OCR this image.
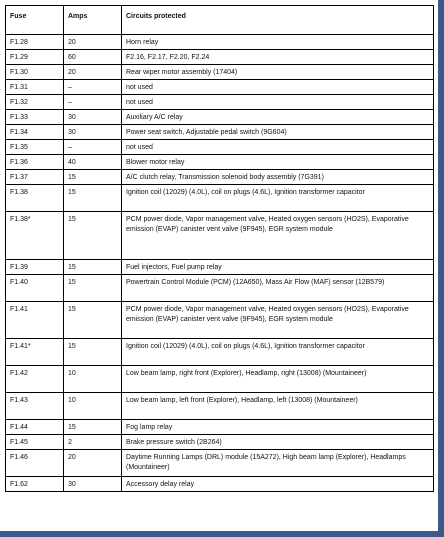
Fuse	Amps	Circuits protected
F1.28	20	Horn relay
F1.29	60	F2.16, F2.17, F2.20, F2.24
F1.30	20	Rear wiper motor assembly (17404)
F1.31	–	not used
F1.32	–	not used
F1.33	30	Auxiliary A/C relay
F1.34	30	Power seat switch, Adjustable pedal switch (9G604)
F1.35	–	not used
F1.36	40	Blower motor relay
F1.37	15	A/C clutch relay, Transmission solenoid body assembly (7G391)
F1.38	15	Ignition coil (12029) (4.0L), coil on plugs (4.6L), Ignition transformer capacitor
F1.38*	15	PCM power diode, Vapor management valve, Heated oxygen sensors (HO2S), Evaporative emission (EVAP) canister vent valve (9F945), EGR system module
F1.39	15	Fuel injectors, Fuel pump relay
F1.40	15	Powertrain Control Module (PCM) (12A650), Mass Air Flow (MAF) sensor (12B579)
F1.41	15	PCM power diode, Vapor management valve, Heated oxygen sensors (HO2S), Evaporative emission (EVAP) canister vent valve (9F945), EGR system module
F1.41*	15	Ignition coil (12029) (4.0L), coil on plugs (4.6L), Ignition transformer capacitor
F1.42	10	Low beam lamp, right front (Explorer), Headlamp, right (13008) (Mountaineer)
F1.43	10	Low beam lamp, left front (Explorer), Headlamp, left (13008) (Mountaineer)
F1.44	15	Fog lamp relay
F1.45	2	Brake pressure switch (2B264)
F1.46	20	Daytime Running Lamps (DRL) module (15A272), High beam lamp (Explorer), Headlamps (Mountaineer)
F1.62	30	Accessory delay relay
